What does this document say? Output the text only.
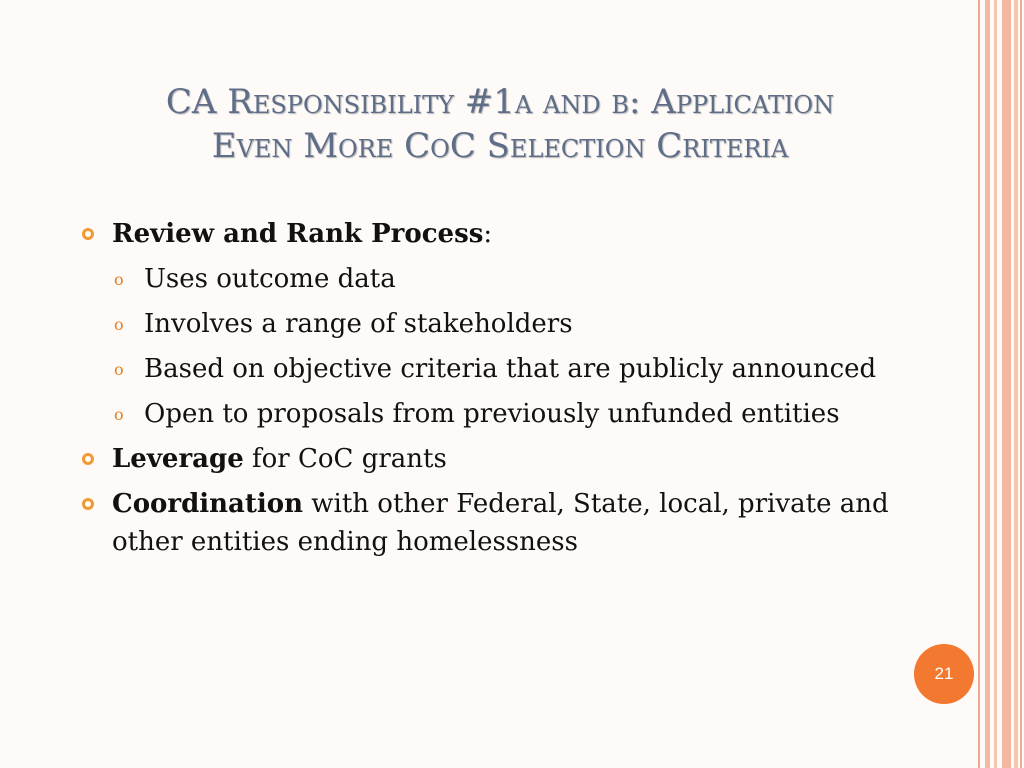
CA Responsibility #1a and b: Application
Even More CoC Selection Criteria
Review and Rank Process:
o Uses outcome data
o Involves a range of stakeholders
o Based on objective criteria that are publicly announced
o Open to proposals from previously unfunded entities
Leverage for CoC grants
Coordination with other Federal, State, local, private and other entities ending homelessness
21
